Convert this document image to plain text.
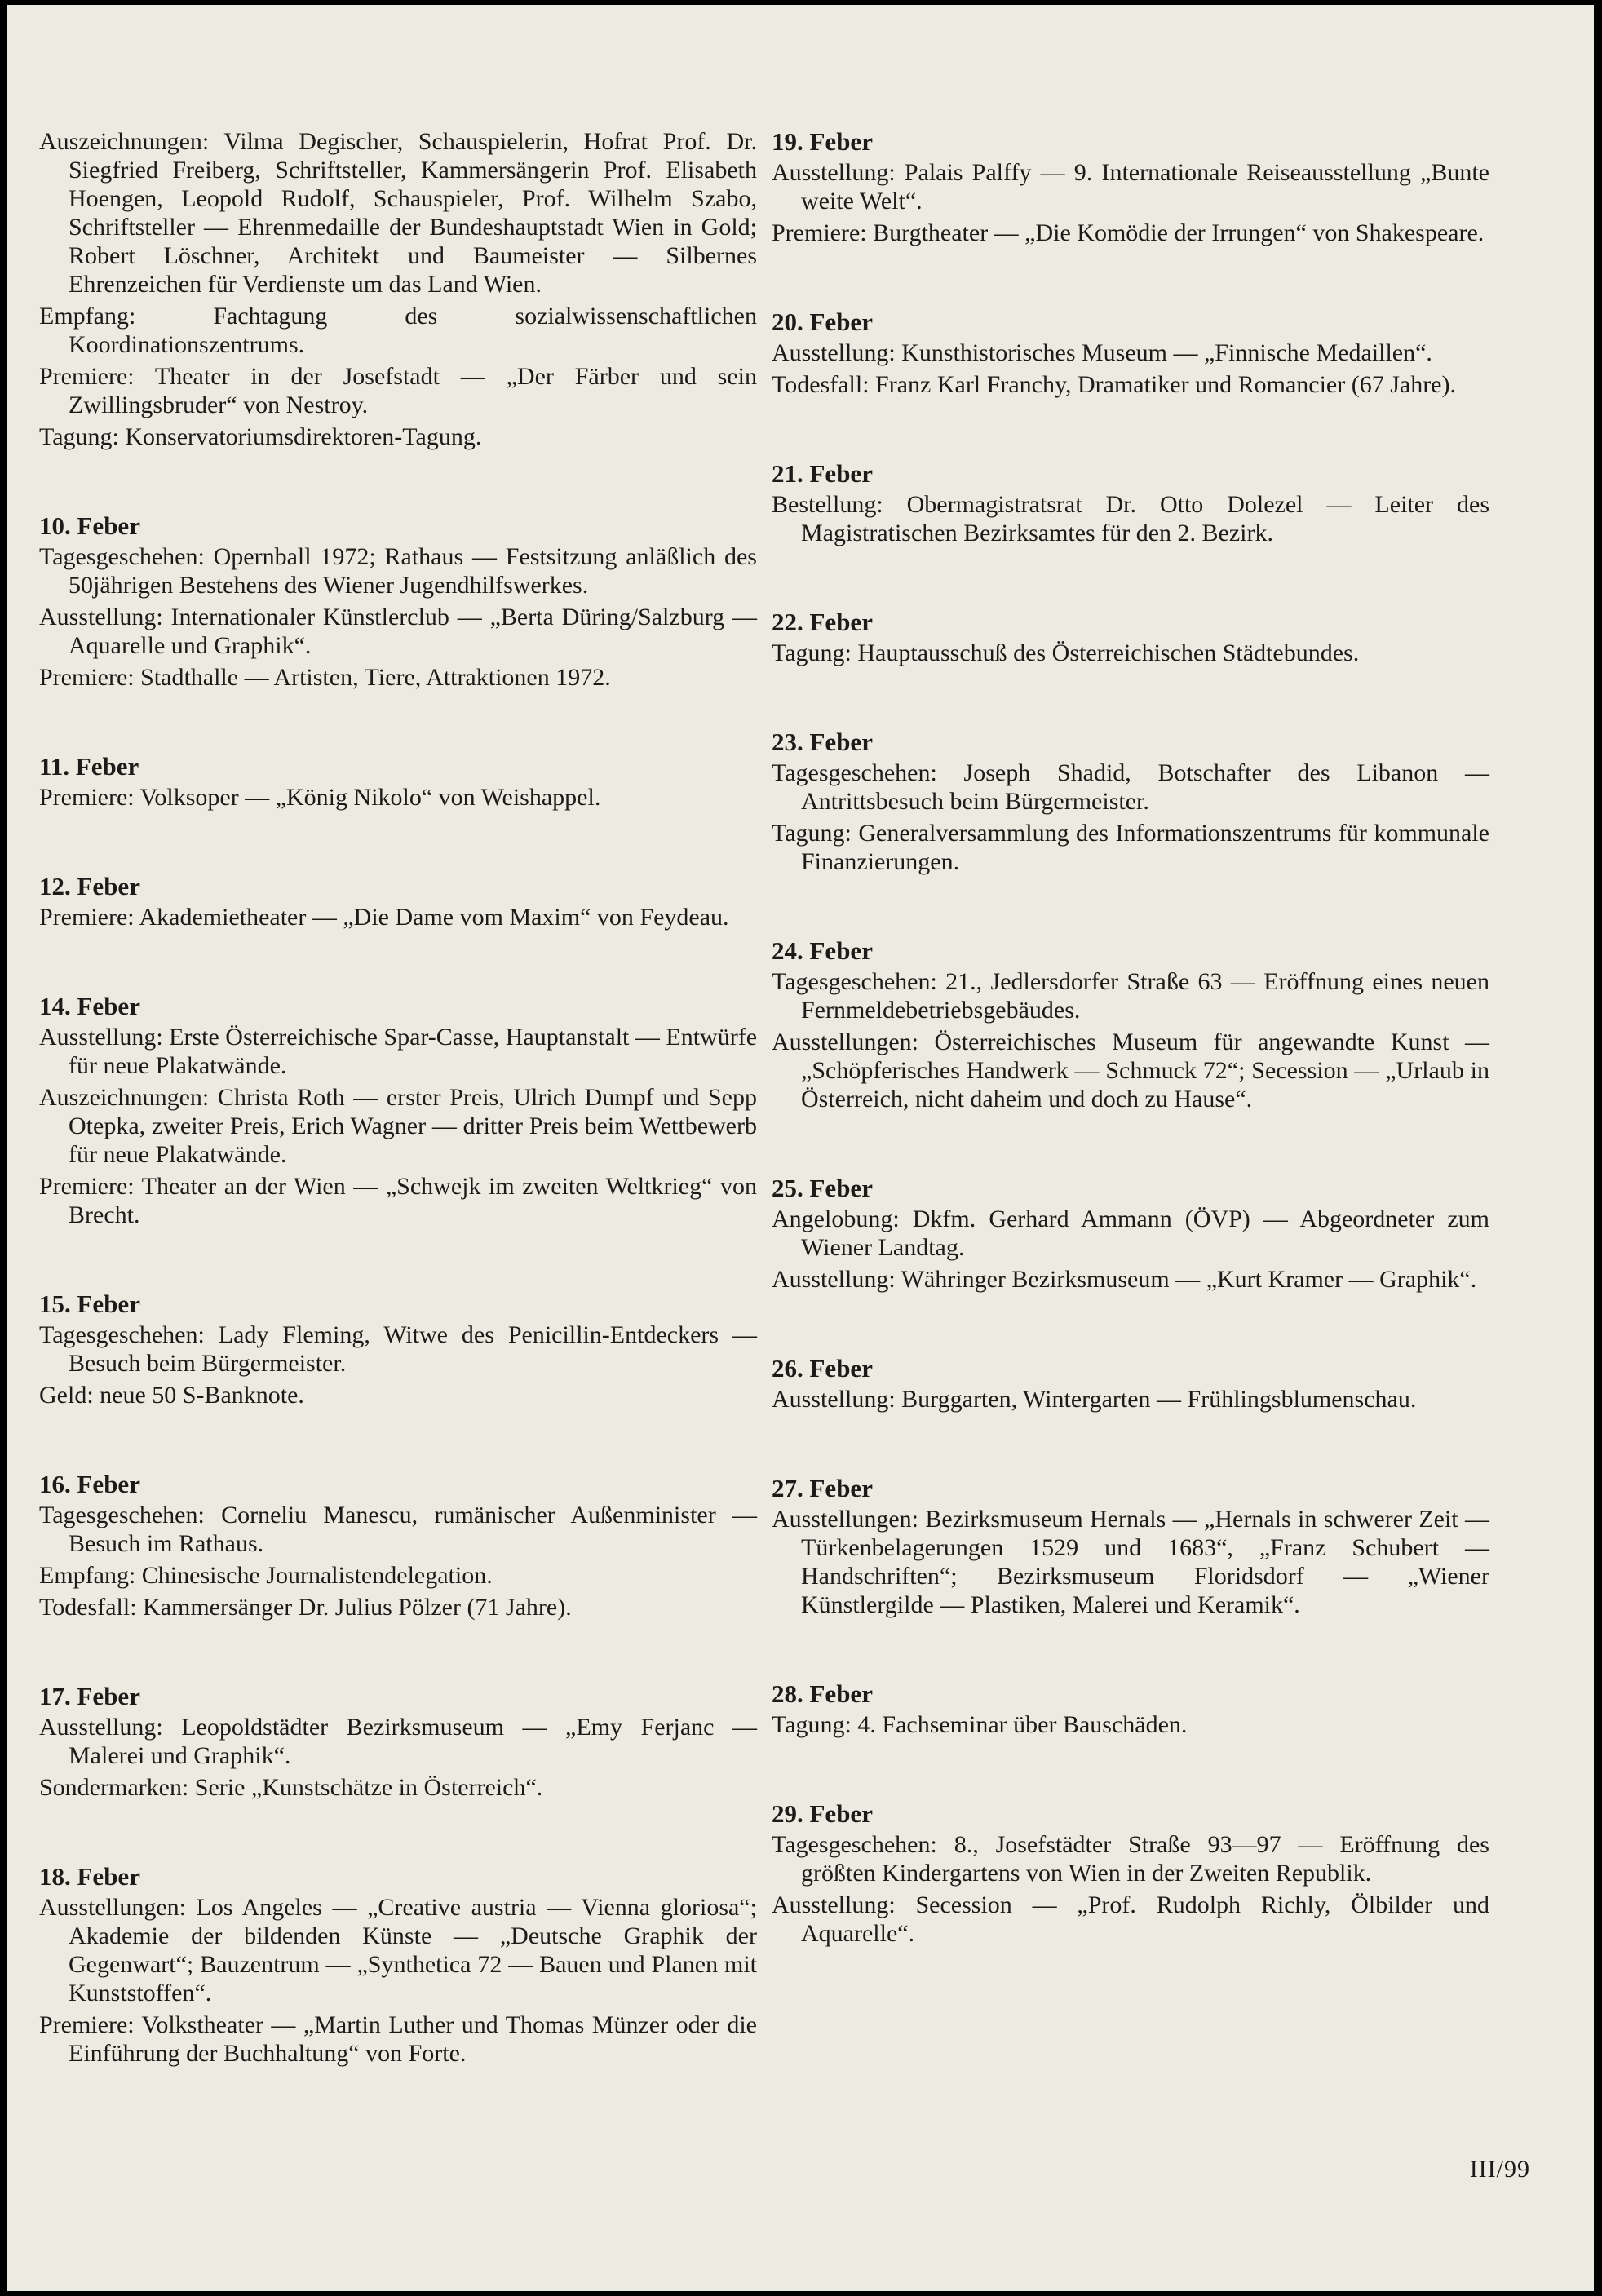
Auszeichnungen: Vilma Degischer, Schauspielerin, Hofrat Prof. Dr. Siegfried Freiberg, Schriftsteller, Kammersängerin Prof. Elisabeth Hoengen, Leopold Rudolf, Schauspieler, Prof. Wilhelm Szabo, Schriftsteller — Ehrenmedaille der Bundeshauptstadt Wien in Gold; Robert Löschner, Architekt und Baumeister — Silbernes Ehrenzeichen für Verdienste um das Land Wien.

Empfang: Fachtagung des sozialwissenschaftlichen Koordinationszentrums.

Premiere: Theater in der Josefstadt — „Der Färber und sein Zwillingsbruder“ von Nestroy.

Tagung: Konservatoriumsdirektoren-Tagung.

10. Feber

Tagesgeschehen: Opernball 1972; Rathaus — Festsitzung anläßlich des 50jährigen Bestehens des Wiener Jugendhilfswerkes.

Ausstellung: Internationaler Künstlerclub — „Berta Düring/Salzburg — Aquarelle und Graphik“.

Premiere: Stadthalle — Artisten, Tiere, Attraktionen 1972.

11. Feber

Premiere: Volksoper — „König Nikolo“ von Weishappel.

12. Feber

Premiere: Akademietheater — „Die Dame vom Maxim“ von Feydeau.

14. Feber

Ausstellung: Erste Österreichische Spar-Casse, Hauptanstalt — Entwürfe für neue Plakatwände.

Auszeichnungen: Christa Roth — erster Preis, Ulrich Dumpf und Sepp Otepka, zweiter Preis, Erich Wagner — dritter Preis beim Wettbewerb für neue Plakatwände.

Premiere: Theater an der Wien — „Schwejk im zweiten Weltkrieg“ von Brecht.

15. Feber

Tagesgeschehen: Lady Fleming, Witwe des Penicillin-Entdeckers — Besuch beim Bürgermeister.

Geld: neue 50 S-Banknote.

16. Feber

Tagesgeschehen: Corneliu Manescu, rumänischer Außenminister — Besuch im Rathaus.

Empfang: Chinesische Journalistendelegation.

Todesfall: Kammersänger Dr. Julius Pölzer (71 Jahre).

17. Feber

Ausstellung: Leopoldstädter Bezirksmuseum — „Emy Ferjanc — Malerei und Graphik“.

Sondermarken: Serie „Kunstschätze in Österreich“.

18. Feber

Ausstellungen: Los Angeles — „Creative austria — Vienna gloriosa“; Akademie der bildenden Künste — „Deutsche Graphik der Gegenwart“; Bauzentrum — „Synthetica 72 — Bauen und Planen mit Kunststoffen“.

Premiere: Volkstheater — „Martin Luther und Thomas Münzer oder die Einführung der Buchhaltung“ von Forte.

19. Feber

Ausstellung: Palais Palffy — 9. Internationale Reiseausstellung „Bunte weite Welt“.

Premiere: Burgtheater — „Die Komödie der Irrungen“ von Shakespeare.

20. Feber

Ausstellung: Kunsthistorisches Museum — „Finnische Medaillen“.

Todesfall: Franz Karl Franchy, Dramatiker und Romancier (67 Jahre).

21. Feber

Bestellung: Obermagistratsrat Dr. Otto Dolezel — Leiter des Magistratischen Bezirksamtes für den 2. Bezirk.

22. Feber

Tagung: Hauptausschuß des Österreichischen Städtebundes.

23. Feber

Tagesgeschehen: Joseph Shadid, Botschafter des Libanon — Antrittsbesuch beim Bürgermeister.

Tagung: Generalversammlung des Informationszentrums für kommunale Finanzierungen.

24. Feber

Tagesgeschehen: 21., Jedlersdorfer Straße 63 — Eröffnung eines neuen Fernmeldebetriebsgebäudes.

Ausstellungen: Österreichisches Museum für angewandte Kunst — „Schöpferisches Handwerk — Schmuck 72“; Secession — „Urlaub in Österreich, nicht daheim und doch zu Hause“.

25. Feber

Angelobung: Dkfm. Gerhard Ammann (ÖVP) — Abgeordneter zum Wiener Landtag.

Ausstellung: Währinger Bezirksmuseum — „Kurt Kramer — Graphik“.

26. Feber

Ausstellung: Burggarten, Wintergarten — Frühlingsblumenschau.

27. Feber

Ausstellungen: Bezirksmuseum Hernals — „Hernals in schwerer Zeit — Türkenbelagerungen 1529 und 1683“, „Franz Schubert — Handschriften“; Bezirksmuseum Floridsdorf — „Wiener Künstlergilde — Plastiken, Malerei und Keramik“.

28. Feber

Tagung: 4. Fachseminar über Bauschäden.

29. Feber

Tagesgeschehen: 8., Josefstädter Straße 93—97 — Eröffnung des größten Kindergartens von Wien in der Zweiten Republik.

Ausstellung: Secession — „Prof. Rudolph Richly, Ölbilder und Aquarelle“.

III/99
